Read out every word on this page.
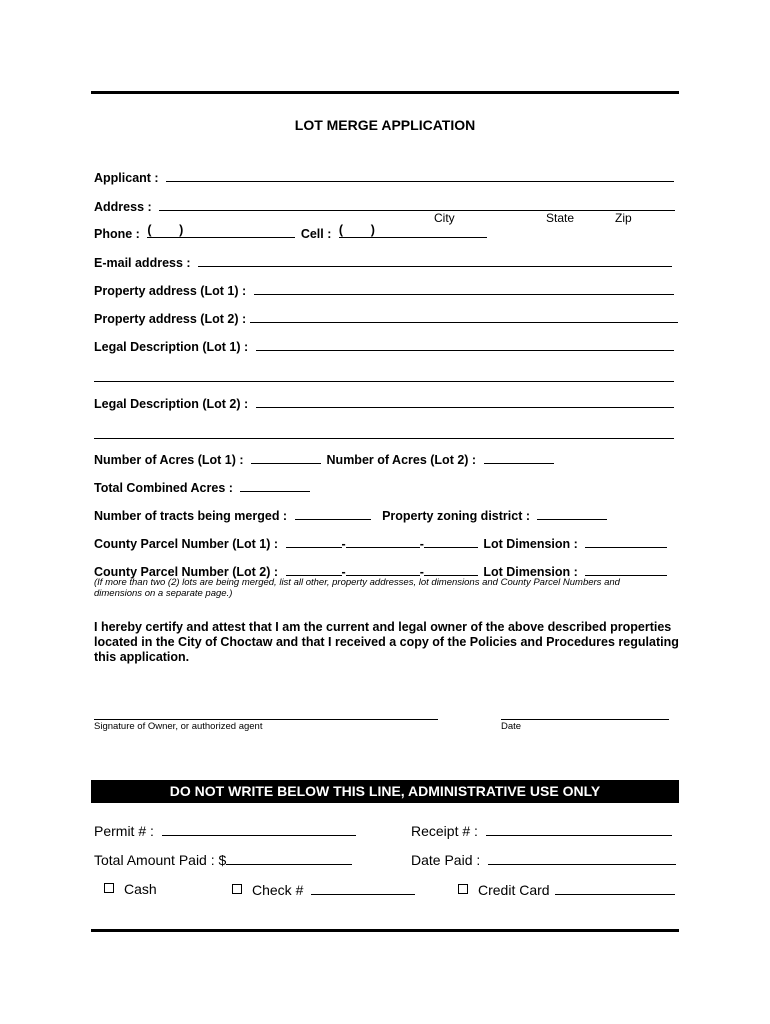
LOT MERGE APPLICATION
Applicant :
Address :
City	State	Zip
Phone : ( )	Cell : ( )
E-mail address :
Property address (Lot 1) :
Property address (Lot 2) :
Legal Description (Lot 1) :
Legal Description (Lot 2) :
Number of Acres (Lot 1) :	Number of Acres (Lot 2) :
Total Combined Acres :
Number of tracts being merged :	Property zoning district :
County Parcel Number (Lot 1) :	-	-	Lot Dimension :
County Parcel Number (Lot 2) :	-	-	Lot Dimension :
(If more than two (2) lots are being merged, list all other, property addresses, lot dimensions and County Parcel Numbers and dimensions on a separate page.)
I hereby certify and attest that I am the current and legal owner of the above described properties located in the City of Choctaw and that I received a copy of the Policies and Procedures regulating this application.
Signature of Owner, or authorized agent	Date
DO NOT WRITE BELOW THIS LINE, ADMINISTRATIVE USE ONLY
Permit # :	Receipt # :
Total Amount Paid : $	Date Paid :
Cash	Check #	Credit Card
